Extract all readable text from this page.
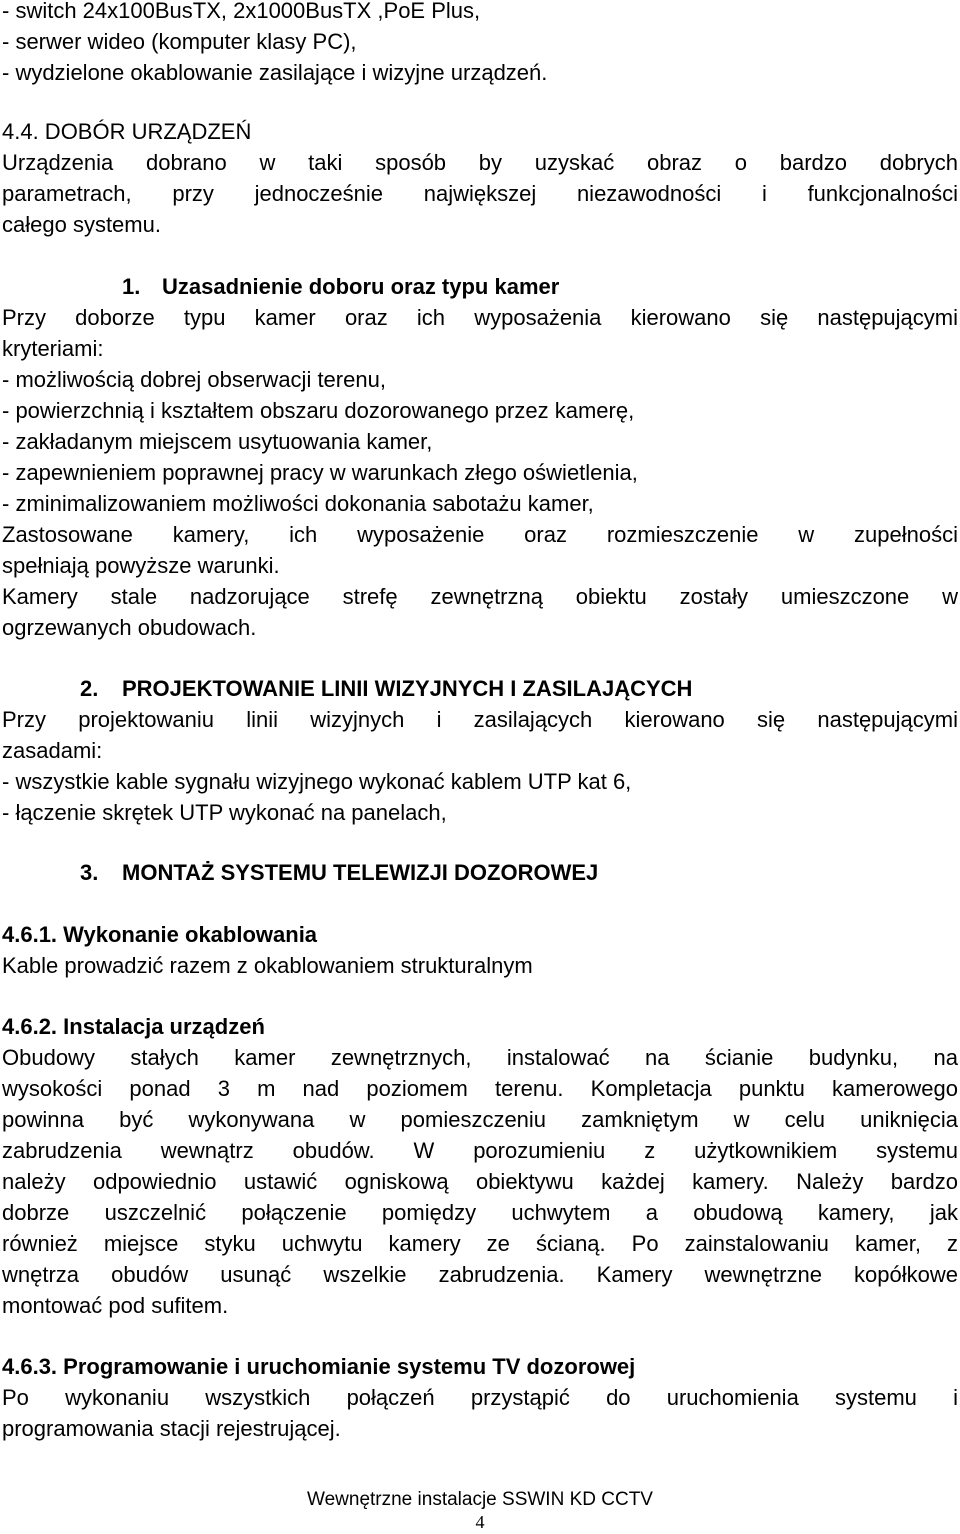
- switch 24x100BusTX, 2x1000BusTX ,PoE Plus,

- serwer wideo (komputer klasy PC),

- wydzielone okablowanie zasilające i wizyjne urządzeń.

4.4. DOBÓR URZĄDZEŃ

Urządzenia dobrano w taki sposób by uzyskać obraz o bardzo dobrych

parametrach, przy jednocześnie największej niezawodności i funkcjonalności

całego systemu.

1. Uzasadnienie doboru oraz typu kamer

Przy doborze typu kamer oraz ich wyposażenia kierowano się następującymi

kryteriami:

- możliwością dobrej obserwacji terenu,

- powierzchnią i kształtem obszaru dozorowanego przez kamerę,

- zakładanym miejscem usytuowania kamer,

- zapewnieniem poprawnej pracy w warunkach złego oświetlenia,

- zminimalizowaniem możliwości dokonania sabotażu kamer,

Zastosowane kamery, ich wyposażenie oraz rozmieszczenie w zupełności

spełniają powyższe warunki.

Kamery stale nadzorujące strefę zewnętrzną obiektu zostały umieszczone w

ogrzewanych obudowach.

2. PROJEKTOWANIE LINII WIZYJNYCH I ZASILAJĄCYCH

Przy projektowaniu linii wizyjnych i zasilających kierowano się następującymi

zasadami:

- wszystkie kable sygnału wizyjnego wykonać kablem UTP kat 6,

- łączenie skrętek UTP wykonać na panelach,

3. MONTAŻ SYSTEMU TELEWIZJI DOZOROWEJ

4.6.1. Wykonanie okablowania

Kable prowadzić razem z okablowaniem strukturalnym

4.6.2. Instalacja urządzeń

Obudowy stałych kamer zewnętrznych, instalować na ścianie budynku, na

wysokości ponad 3 m nad poziomem terenu. Kompletacja punktu kamerowego

powinna być wykonywana w pomieszczeniu zamkniętym w celu uniknięcia

zabrudzenia wewnątrz obudów. W porozumieniu z użytkownikiem systemu

należy odpowiednio ustawić ogniskową obiektywu każdej kamery. Należy bardzo

dobrze uszczelnić połączenie pomiędzy uchwytem a obudową kamery, jak

również miejsce styku uchwytu kamery ze ścianą. Po zainstalowaniu kamer, z

wnętrza obudów usunąć wszelkie zabrudzenia. Kamery wewnętrzne kopółkowe

montować pod sufitem.

4.6.3. Programowanie i uruchomianie systemu TV dozorowej

Po wykonaniu wszystkich połączeń przystąpić do uruchomienia systemu i

programowania stacji rejestrującej.

Wewnętrzne instalacje SSWIN KD CCTV

4
